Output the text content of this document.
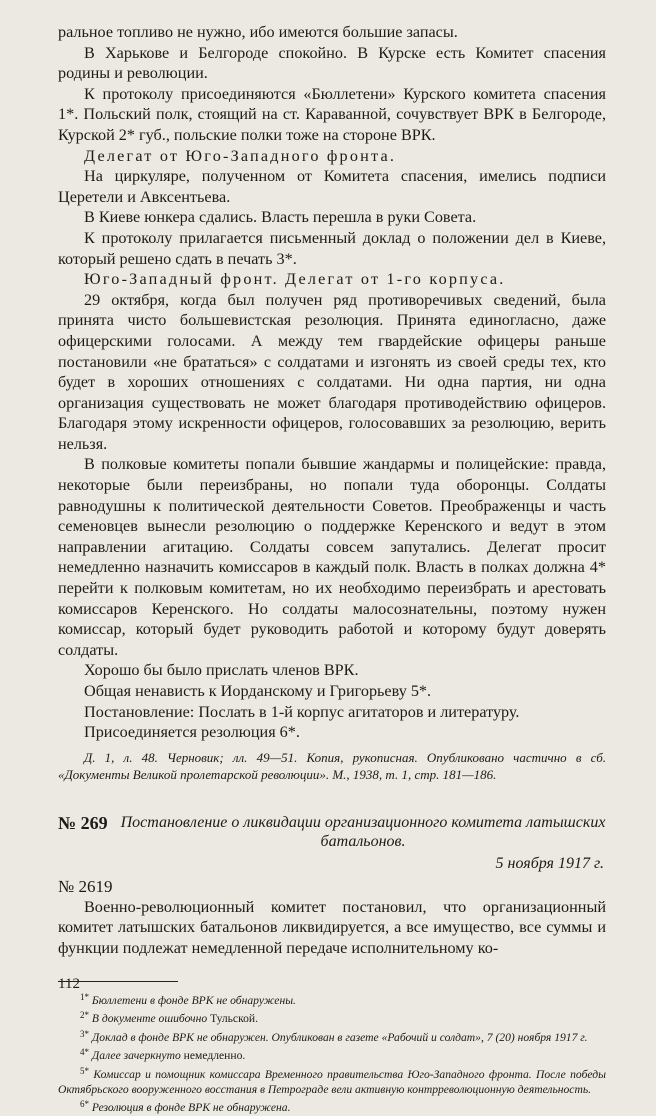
ральное топливо не нужно, ибо имеются большие запасы.

В Харькове и Белгороде спокойно. В Курске есть Комитет спасения родины и революции.

К протоколу присоединяются «Бюллетени» Курского комитета спасения 1*. Польский полк, стоящий на ст. Караванной, сочувствует ВРК в Белгороде, Курской 2* губ., польские полки тоже на стороне ВРК.

Делегат от Юго-Западного фронта.

На циркуляре, полученном от Комитета спасения, имелись подписи Церетели и Авксентьева.

В Киеве юнкера сдались. Власть перешла в руки Совета.

К протоколу прилагается письменный доклад о положении дел в Киеве, который решено сдать в печать 3*.

Юго-Западный фронт. Делегат от 1-го корпуса.

29 октября, когда был получен ряд противоречивых сведений, была принята чисто большевистская резолюция. Принята единогласно, даже офицерскими голосами. А между тем гвардейские офицеры раньше постановили «не брататься» с солдатами и изгонять из своей среды тех, кто будет в хороших отношениях с солдатами. Ни одна партия, ни одна организация существовать не может благодаря противодействию офицеров. Благодаря этому искренности офицеров, голосовавших за резолюцию, верить нельзя.

В полковые комитеты попали бывшие жандармы и полицейские: правда, некоторые были переизбраны, но попали туда оборонцы. Солдаты равнодушны к политической деятельности Советов. Преображенцы и часть семеновцев вынесли резолюцию о поддержке Керенского и ведут в этом направлении агитацию. Солдаты совсем запутались. Делегат просит немедленно назначить комиссаров в каждый полк. Власть в полках должна 4* перейти к полковым комитетам, но их необходимо переизбрать и арестовать комиссаров Керенского. Но солдаты малосознательны, поэтому нужен комиссар, который будет руководить работой и которому будут доверять солдаты.

Хорошо бы было прислать членов ВРК.

Общая ненависть к Иорданскому и Григорьеву 5*.

Постановление: Послать в 1-й корпус агитаторов и литературу.

Присоединяется резолюция 6*.

Д. 1, л. 48. Черновик; лл. 49—51. Копия, рукописная. Опубликовано частично в сб. «Документы Великой пролетарской революции». М., 1938, т. 1, стр. 181—186.

№ 269 Постановление о ликвидации организационного комитета латышских батальонов.

5 ноября 1917 г.

№ 2619

Военно-революционный комитет постановил, что организационный комитет латышских батальонов ликвидируется, а все имущество, все суммы и функции подлежат немедленной передаче исполнительному ко-

$^{1*}$ Бюллетени в фонде ВРК не обнаружены.

$^{2*}$ В документе ошибочно Тульской.

$^{3*}$ Доклад в фонде ВРК не обнаружен. Опубликован в газете «Рабочий и солдат», 7 (20) ноября 1917 г.

$^{4*}$ Далее зачеркнуто немедленно.

$^{5*}$ Комиссар и помощник комиссара Временного правительства Юго-Западного фронта. После победы Октябрьского вооруженного восстания в Петрограде вели активную контрреволюционную деятельность.

$^{6*}$ Резолюция в фонде ВРК не обнаружена.

112
